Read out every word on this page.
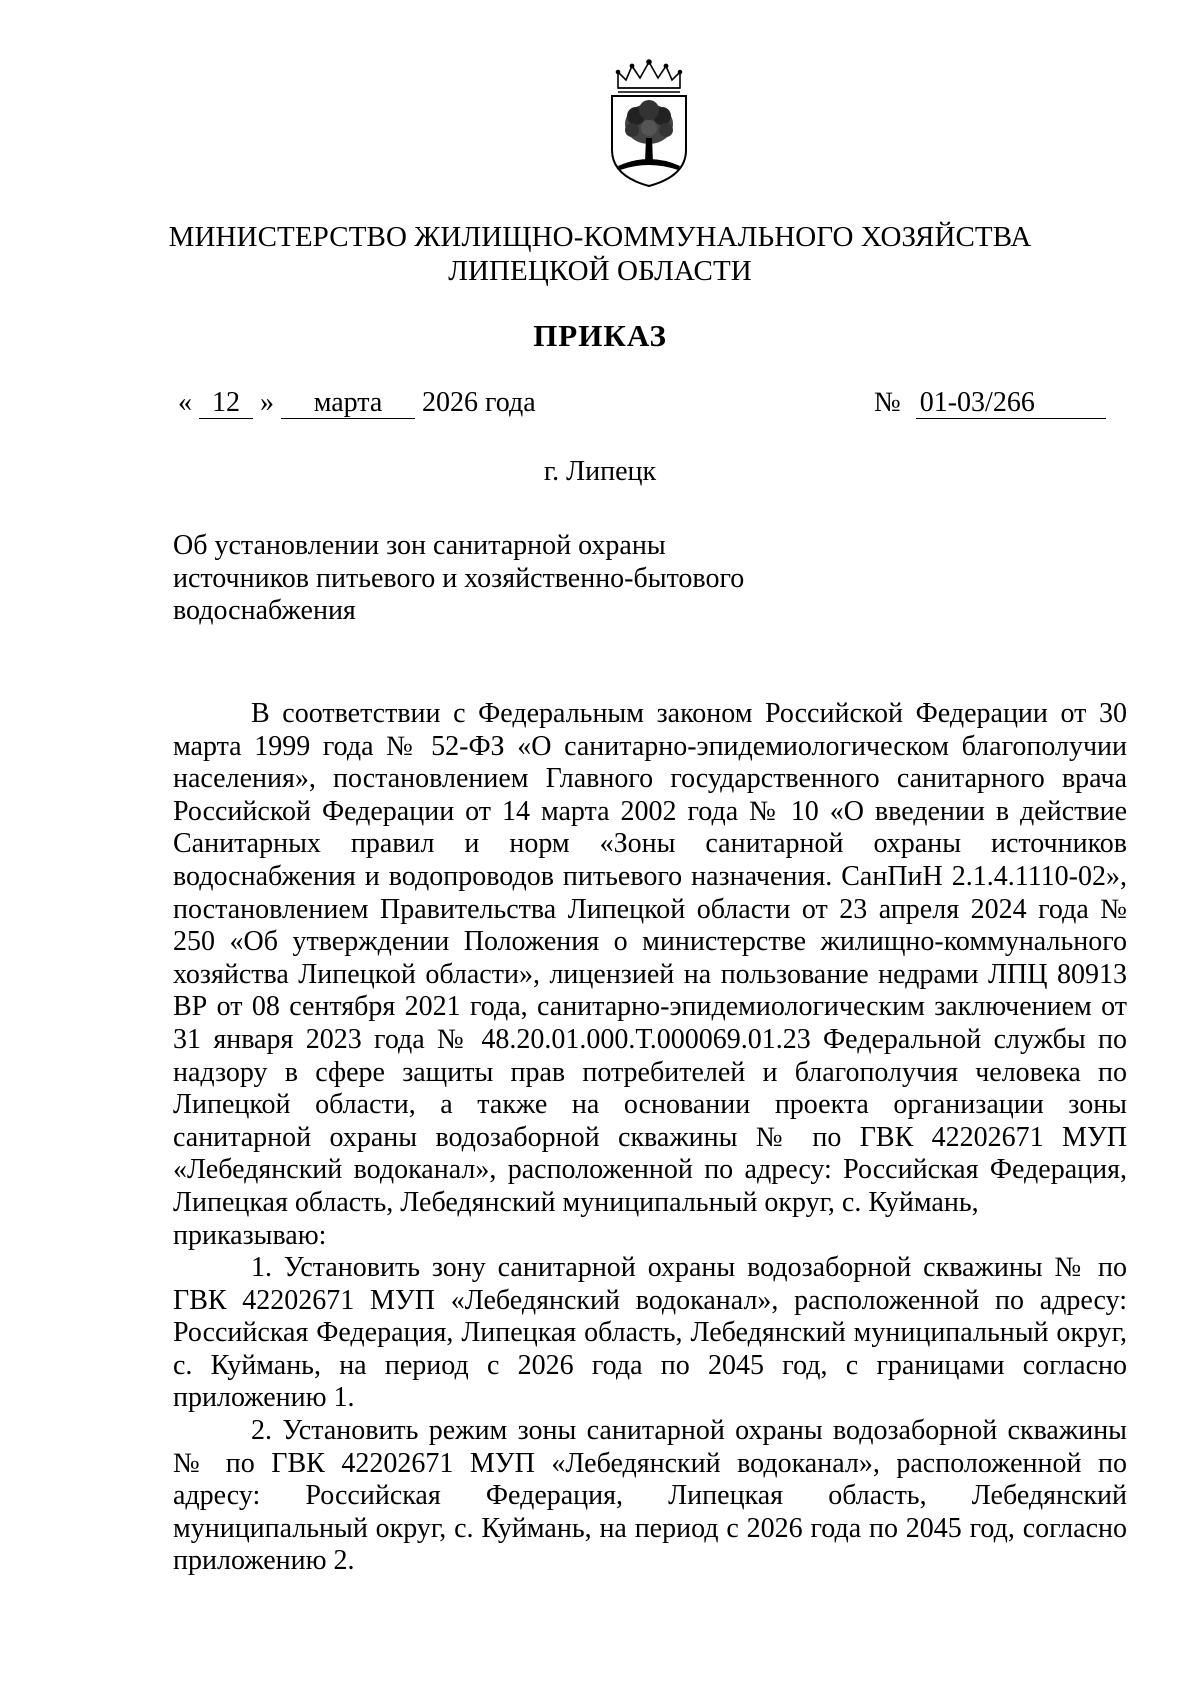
МИНИСТЕРСТВО ЖИЛИЩНО-КОММУНАЛЬНОГО ХОЗЯЙСТВА
ЛИПЕЦКОЙ ОБЛАСТИ
ПРИКАЗ
« 12 » марта 2026 года	№ 01-03/266
г. Липецк
Об установлении зон санитарной охраны
источников питьевого и хозяйственно-бытового
водоснабжения

В соответствии с Федеральным законом Российской Федерации от 30 марта 1999 года № 52-ФЗ «О санитарно-эпидемиологическом благополучии населения», постановлением Главного государственного санитарного врача Российской Федерации от 14 марта 2002 года № 10 «О введении в действие Санитарных правил и норм «Зоны санитарной охраны источников водоснабжения и водопроводов питьевого назначения. СанПиН 2.1.4.1110-02», постановлением Правительства Липецкой области от 23 апреля 2024 года № 250 «Об утверждении Положения о министерстве жилищно-коммунального хозяйства Липецкой области», лицензией на пользование недрами ЛПЦ 80913 ВР от 08 сентября 2021 года, санитарно-эпидемиологическим заключением от 31 января 2023 года № 48.20.01.000.Т.000069.01.23 Федеральной службы по надзору в сфере защиты прав потребителей и благополучия человека по Липецкой области, а также на основании проекта организации зоны санитарной охраны водозаборной скважины № по ГВК 42202671 МУП «Лебедянский водоканал», расположенной по адресу: Российская Федерация, Липецкая область, Лебедянский муниципальный округ, с. Куймань,

приказываю:

1. Установить зону санитарной охраны водозаборной скважины № по ГВК 42202671 МУП «Лебедянский водоканал», расположенной по адресу: Российская Федерация, Липецкая область, Лебедянский муниципальный округ, с. Куймань, на период с 2026 года по 2045 год, с границами согласно приложению 1.

2. Установить режим зоны санитарной охраны водозаборной скважины № по ГВК 42202671 МУП «Лебедянский водоканал», расположенной по адресу: Российская Федерация, Липецкая область, Лебедянский муниципальный округ, с. Куймань, на период с 2026 года по 2045 год, согласно приложению 2.
